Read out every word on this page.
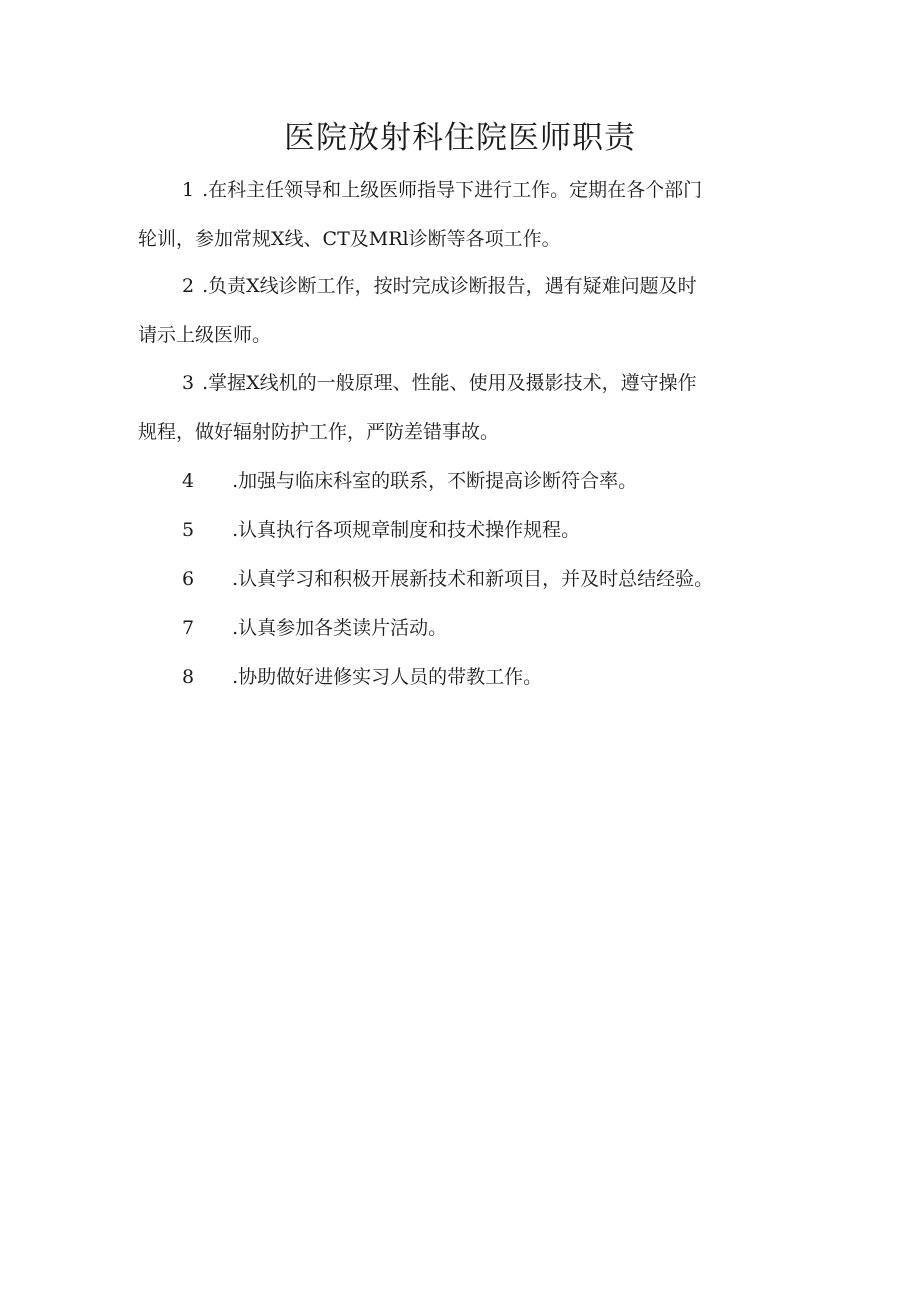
医院放射科住院医师职责
1 .在科主任领导和上级医师指导下进行工作。定期在各个部门
轮训，参加常规X线、CT及MRl诊断等各项工作。
2 .负责X线诊断工作，按时完成诊断报告，遇有疑难问题及时
请示上级医师。
3 .掌握X线机的一般原理、性能、使用及摄影技术，遵守操作
规程，做好辐射防护工作，严防差错事故。
4 .加强与临床科室的联系，不断提高诊断符合率。
5 .认真执行各项规章制度和技术操作规程。
6 .认真学习和积极开展新技术和新项目，并及时总结经验。
7 .认真参加各类读片活动。
8 .协助做好进修实习人员的带教工作。
